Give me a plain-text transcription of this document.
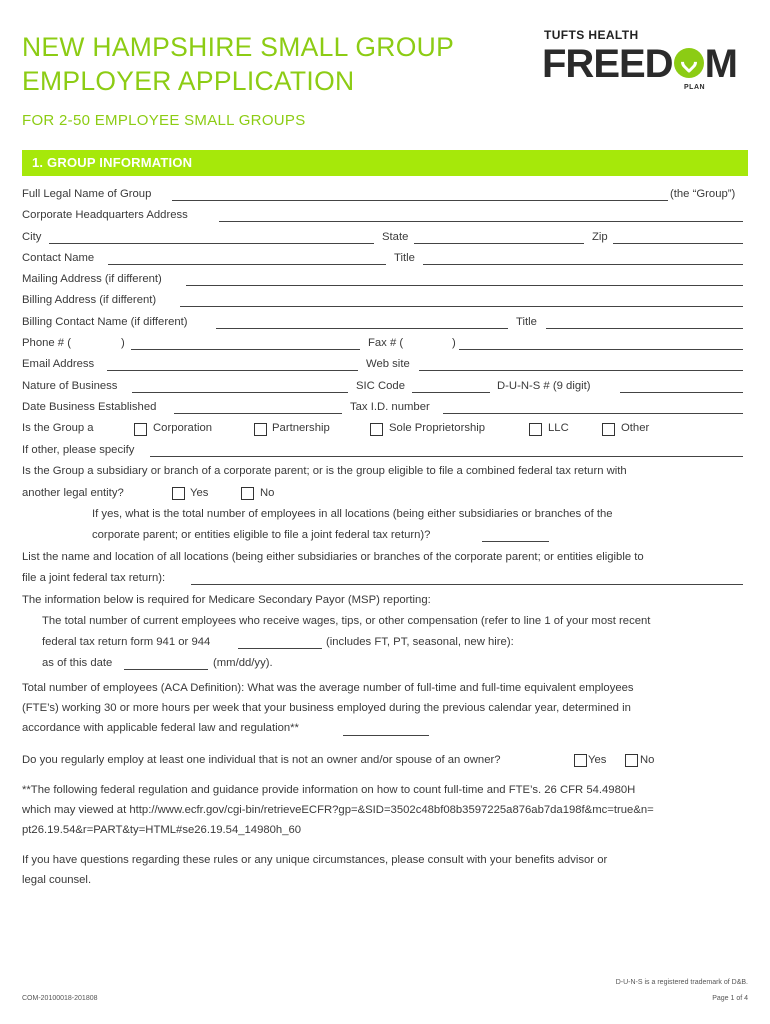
NEW HAMPSHIRE SMALL GROUP
EMPLOYER APPLICATION
FOR 2-50 EMPLOYEE SMALL GROUPS
TUFTS HEALTH
FREED M
PLAN
1. GROUP INFORMATION
Full Legal Name of Group	(the “Group”)
Corporate Headquarters Address
City	State	Zip
Contact Name	Title
Mailing Address (if different)
Billing Address (if different)
Billing Contact Name (if different)	Title
Phone # (	)	Fax # (	)
Email Address	Web site
Nature of Business	SIC Code	D-U-N-S # (9 digit)
Date Business Established	Tax I.D. number
Is the Group a	Corporation	Partnership	Sole Proprietorship	LLC	Other
If other, please specify
Is the Group a subsidiary or branch of a corporate parent; or is the group eligible to file a combined federal tax return with
another legal entity?	Yes	No
If yes, what is the total number of employees in all locations (being either subsidiaries or branches of the
corporate parent; or entities eligible to file a joint federal tax return)?
List the name and location of all locations (being either subsidiaries or branches of the corporate parent; or entities eligible to
file a joint federal tax return):
The information below is required for Medicare Secondary Payor (MSP) reporting:
The total number of current employees who receive wages, tips, or other compensation (refer to line 1 of your most recent
federal tax return form 941 or 944	(includes FT, PT, seasonal, new hire):
as of this date	(mm/dd/yy).
Total number of employees (ACA Definition): What was the average number of full-time and full-time equivalent employees
(FTE’s) working 30 or more hours per week that your business employed during the previous calendar year, determined in
accordance with applicable federal law and regulation**
Do you regularly employ at least one individual that is not an owner and/or spouse of an owner?	Yes	No
**The following federal regulation and guidance provide information on how to count full-time and FTE’s. 26 CFR 54.4980H
which may viewed at http://www.ecfr.gov/cgi-bin/retrieveECFR?gp=&SID=3502c48bf08b3597225a876ab7da198f&mc=true&n=
pt26.19.54&r=PART&ty=HTML#se26.19.54_14980h_60
If you have questions regarding these rules or any unique circumstances, please consult with your benefits advisor or
legal counsel.
D-U-N-S is a registered trademark of D&B.
COM-20100018-201808	Page 1 of 4
